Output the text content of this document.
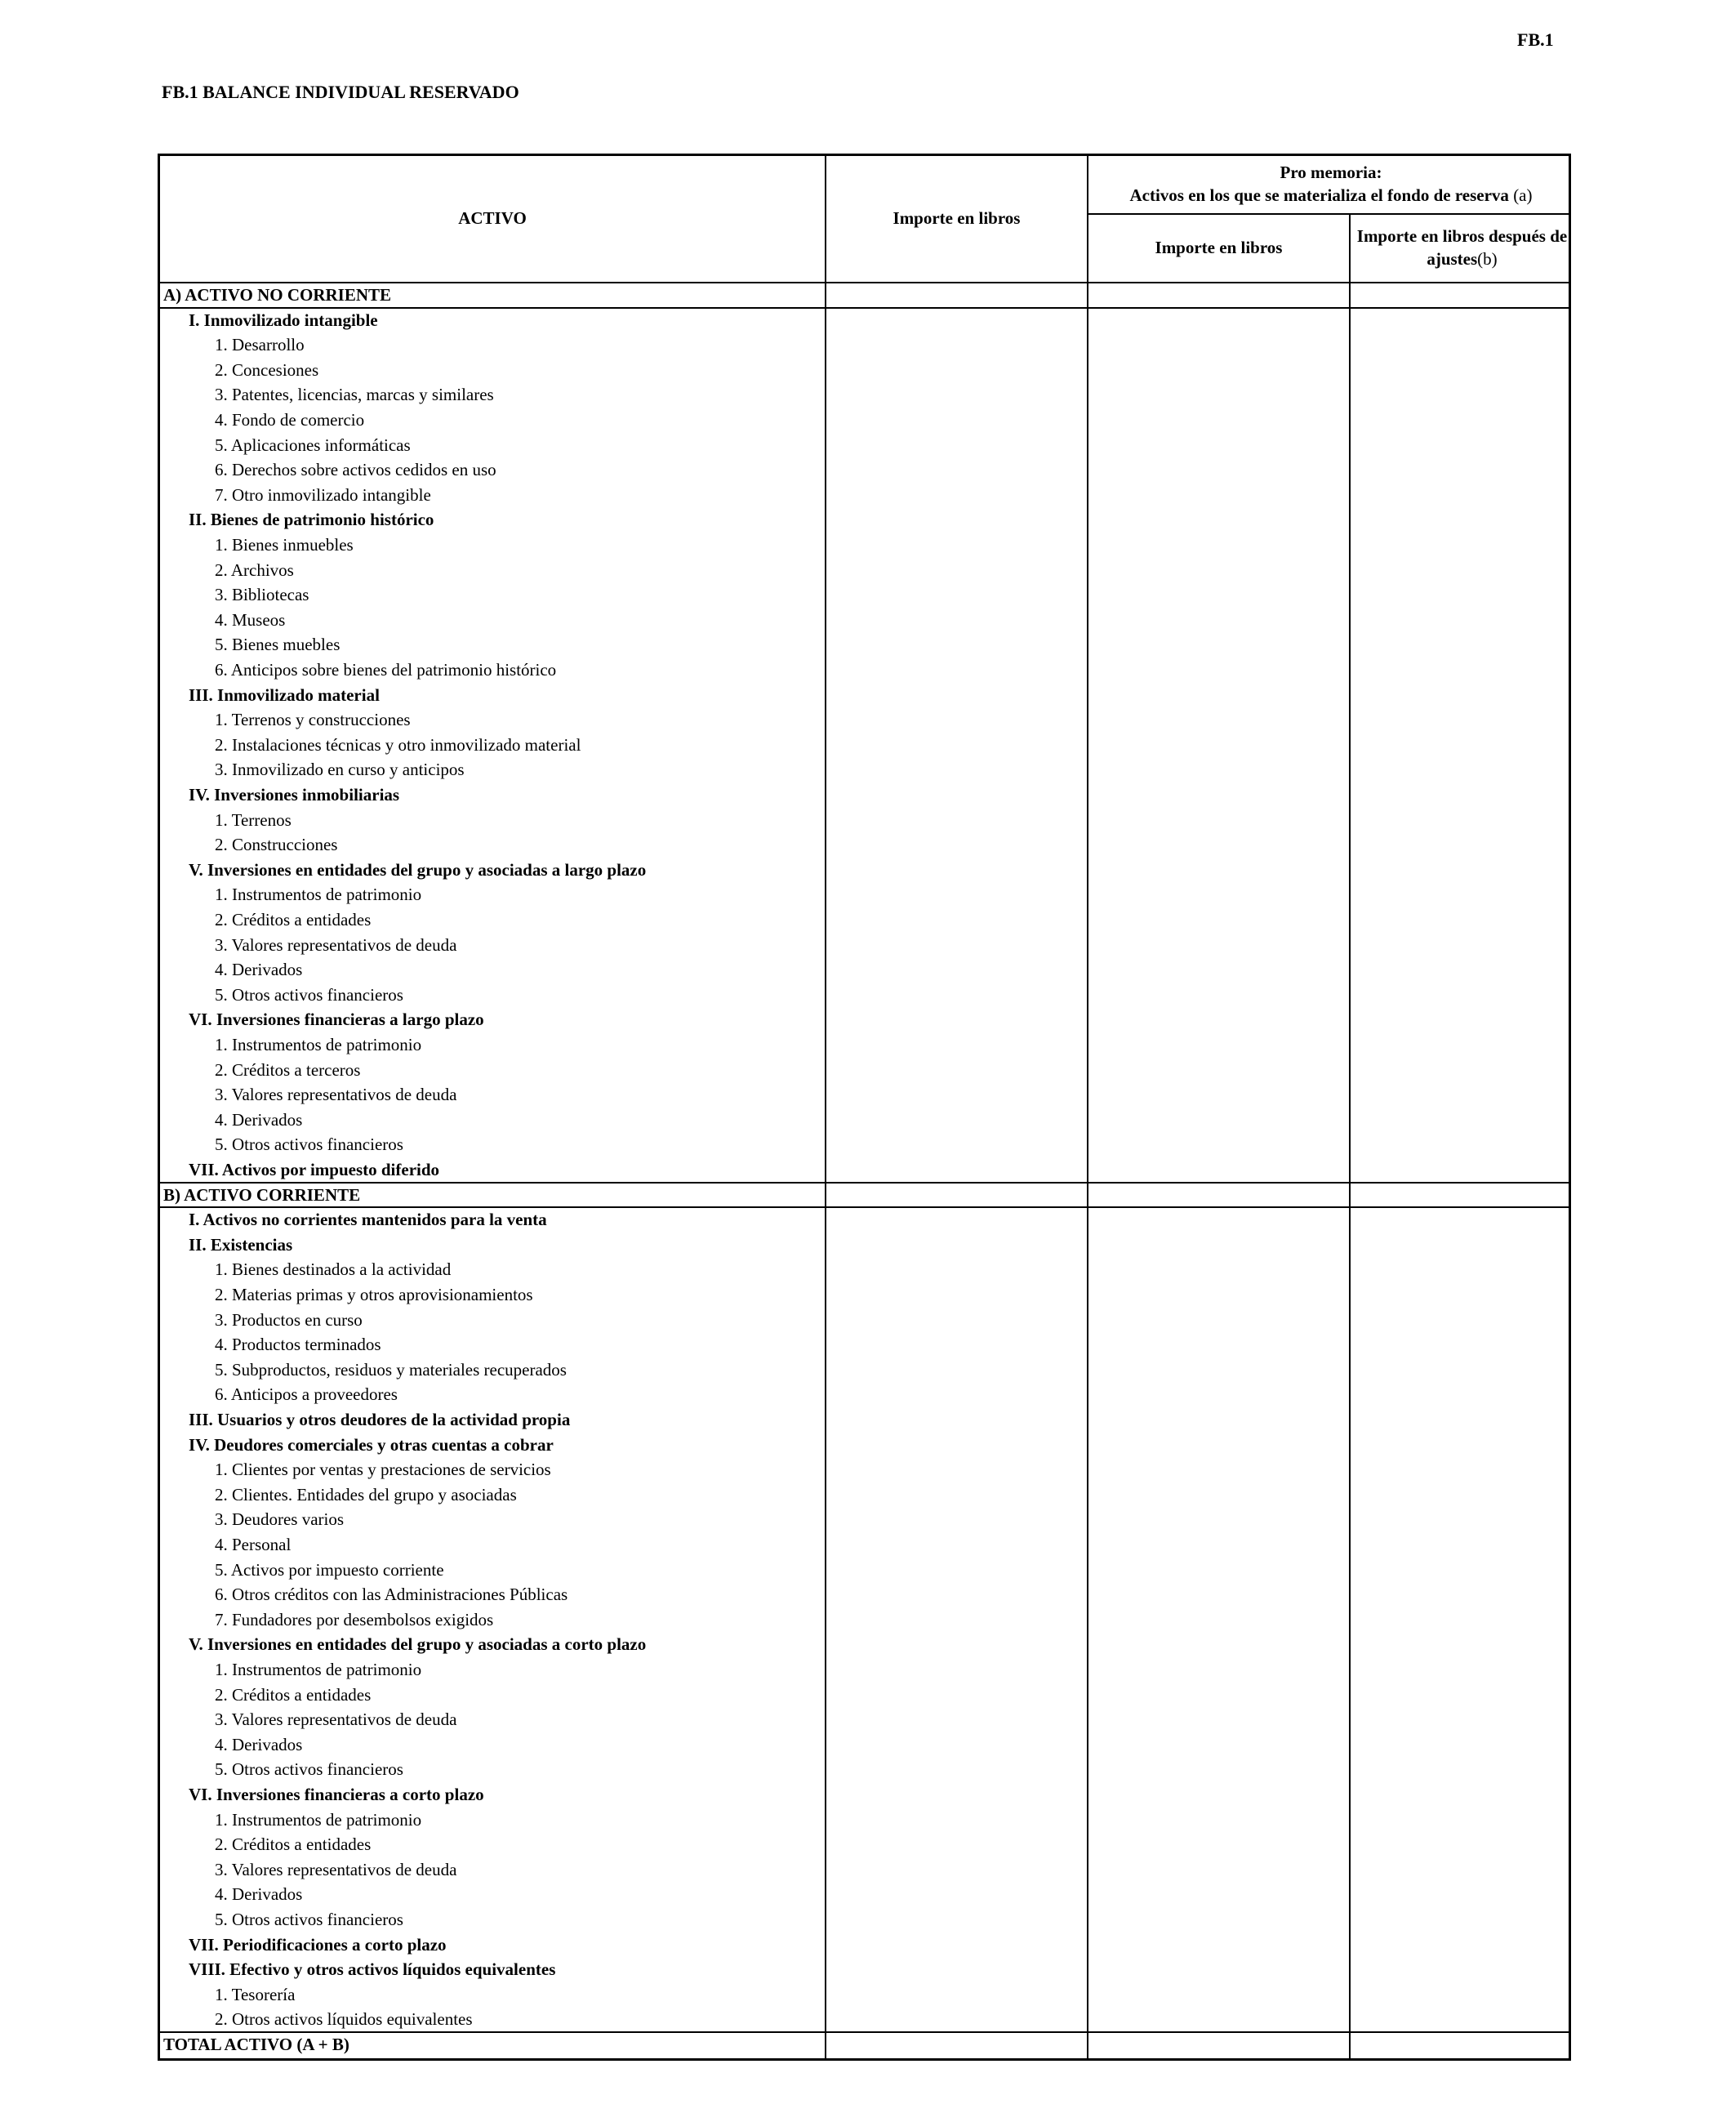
FB.1
FB.1 BALANCE INDIVIDUAL RESERVADO
ACTIVO	Importe en libros
Pro memoria:
Activos en los que se materializa el fondo de reserva (a)
Importe en libros
Importe en libros después de
ajustes(b)
A) ACTIVO NO CORRIENTE
I. Inmovilizado intangible
1. Desarrollo
2. Concesiones
3. Patentes, licencias, marcas y similares
4. Fondo de comercio
5. Aplicaciones informáticas
6. Derechos sobre activos cedidos en uso
7. Otro inmovilizado intangible
II. Bienes de patrimonio histórico
1. Bienes inmuebles
2. Archivos
3. Bibliotecas
4. Museos
5. Bienes muebles
6. Anticipos sobre bienes del patrimonio histórico
III. Inmovilizado material
1. Terrenos y construcciones
2. Instalaciones técnicas y otro inmovilizado material
3. Inmovilizado en curso y anticipos
IV. Inversiones inmobiliarias
1. Terrenos
2. Construcciones
V. Inversiones en entidades del grupo y asociadas a largo plazo
1. Instrumentos de patrimonio
2. Créditos a entidades
3. Valores representativos de deuda
4. Derivados
5. Otros activos financieros
VI. Inversiones financieras a largo plazo
1. Instrumentos de patrimonio
2. Créditos a terceros
3. Valores representativos de deuda
4. Derivados
5. Otros activos financieros
VII. Activos por impuesto diferido
B) ACTIVO CORRIENTE
I. Activos no corrientes mantenidos para la venta
II. Existencias
1. Bienes destinados a la actividad
2. Materias primas y otros aprovisionamientos
3. Productos en curso
4. Productos terminados
5. Subproductos, residuos y materiales recuperados
6. Anticipos a proveedores
III. Usuarios y otros deudores de la actividad propia
IV. Deudores comerciales y otras cuentas a cobrar
1. Clientes por ventas y prestaciones de servicios
2. Clientes. Entidades del grupo y asociadas
3. Deudores varios
4. Personal
5. Activos por impuesto corriente
6. Otros créditos con las Administraciones Públicas
7. Fundadores por desembolsos exigidos
V. Inversiones en entidades del grupo y asociadas a corto plazo
1. Instrumentos de patrimonio
2. Créditos a entidades
3. Valores representativos de deuda
4. Derivados
5. Otros activos financieros
VI. Inversiones financieras a corto plazo
1. Instrumentos de patrimonio
2. Créditos a entidades
3. Valores representativos de deuda
4. Derivados
5. Otros activos financieros
VII. Periodificaciones a corto plazo
VIII. Efectivo y otros activos líquidos equivalentes
1. Tesorería
2. Otros activos líquidos equivalentes
TOTAL ACTIVO (A + B)
